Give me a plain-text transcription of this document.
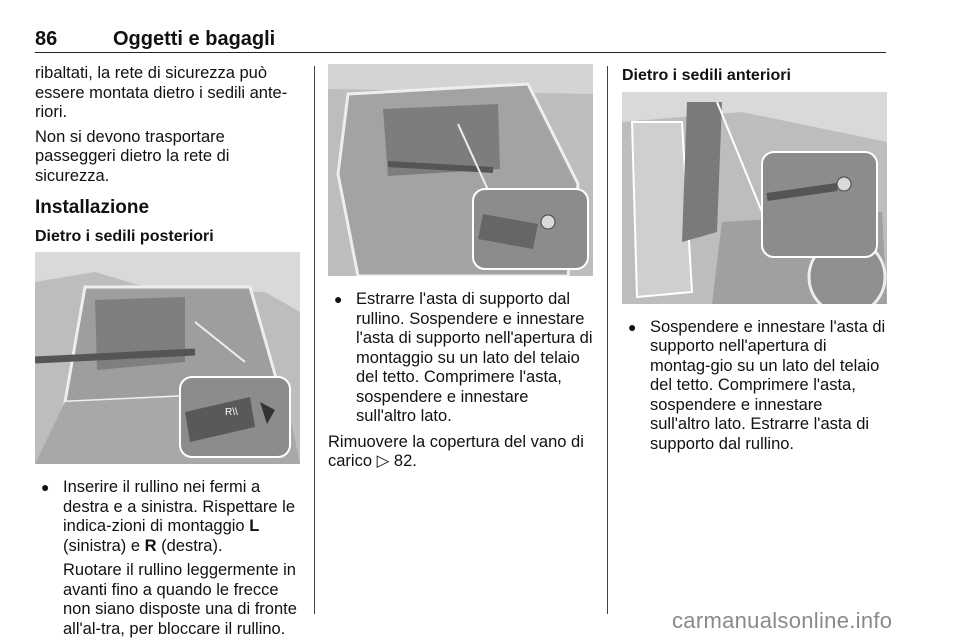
86	Oggetti e bagagli

ribaltati, la rete di sicurezza può essere montata dietro i sedili ante-riori.

Non si devono trasportare passeggeri dietro la rete di sicurezza.

Installazione
Dietro i sedili posteriori
R\\
● Inserire il rullino nei fermi a destra e a sinistra. Rispettare le indica-zioni di montaggio L (sinistra) e R (destra).
Ruotare il rullino leggermente in avanti fino a quando le frecce non siano disposte una di fronte all'al-tra, per bloccare il rullino.
● Estrarre l'asta di supporto dal rullino. Sospendere e innestare l'asta di supporto nell'apertura di montaggio su un lato del telaio del tetto. Comprimere l'asta, sospendere e innestare sull'altro lato.

Rimuovere la copertura del vano di carico ▷ 82.

Dietro i sedili anteriori
● Sospendere e innestare l'asta di supporto nell'apertura di montag-gio su un lato del telaio del tetto. Comprimere l'asta, sospendere e innestare sull'altro lato. Estrarre l'asta di supporto dal rullino.
carmanualsonline.info
